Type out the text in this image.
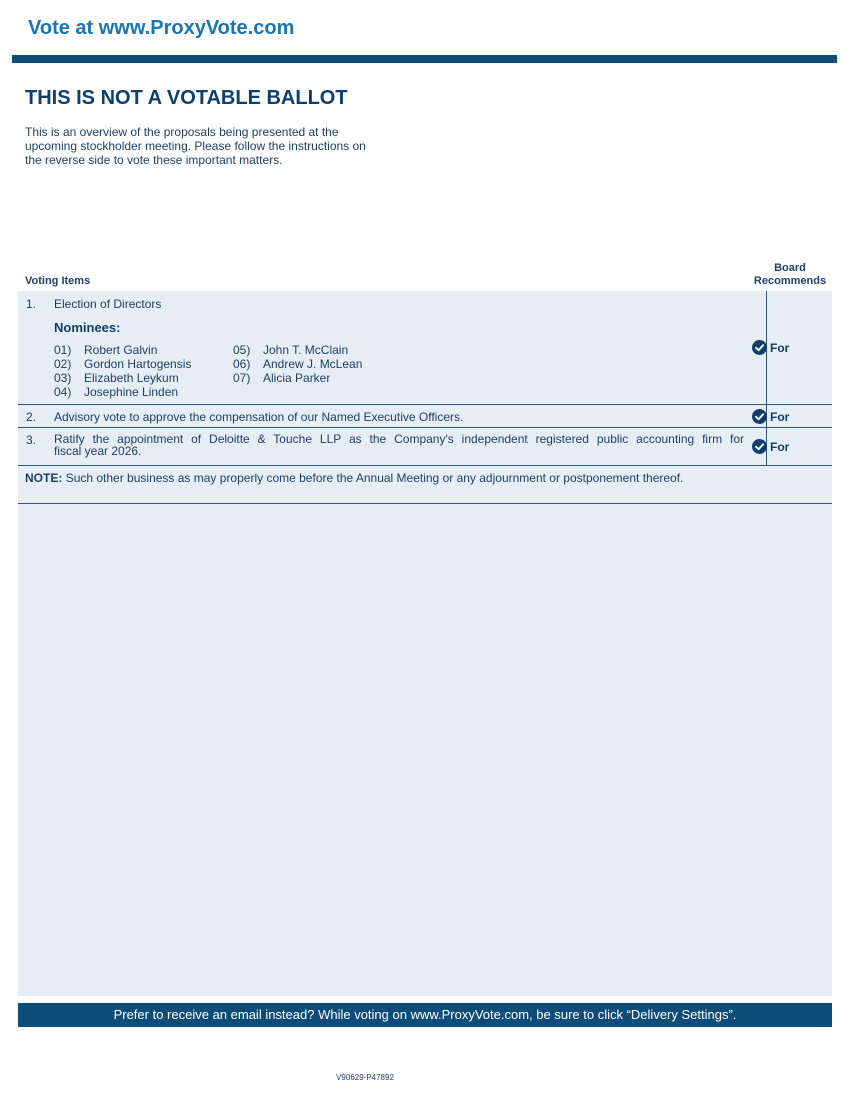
Vote at www.ProxyVote.com
THIS IS NOT A VOTABLE BALLOT
This is an overview of the proposals being presented at the
upcoming stockholder meeting. Please follow the instructions on
the reverse side to vote these important matters.
Voting Items
Board
Recommends
1. Election of Directors
Nominees:
01) Robert Galvin
02) Gordon Hartogensis
03) Elizabeth Leykum
04) Josephine Linden
05) John T. McClain
06) Andrew J. McLean
07) Alicia Parker
For
2. Advisory vote to approve the compensation of our Named Executive Officers.	For
3. Ratify the appointment of Deloitte & Touche LLP as the Company's independent registered public accounting firm for
fiscal year 2026.	For
NOTE: Such other business as may properly come before the Annual Meeting or any adjournment or postponement thereof.
Prefer to receive an email instead? While voting on www.ProxyVote.com, be sure to click “Delivery Settings”.
V90629-P47892
